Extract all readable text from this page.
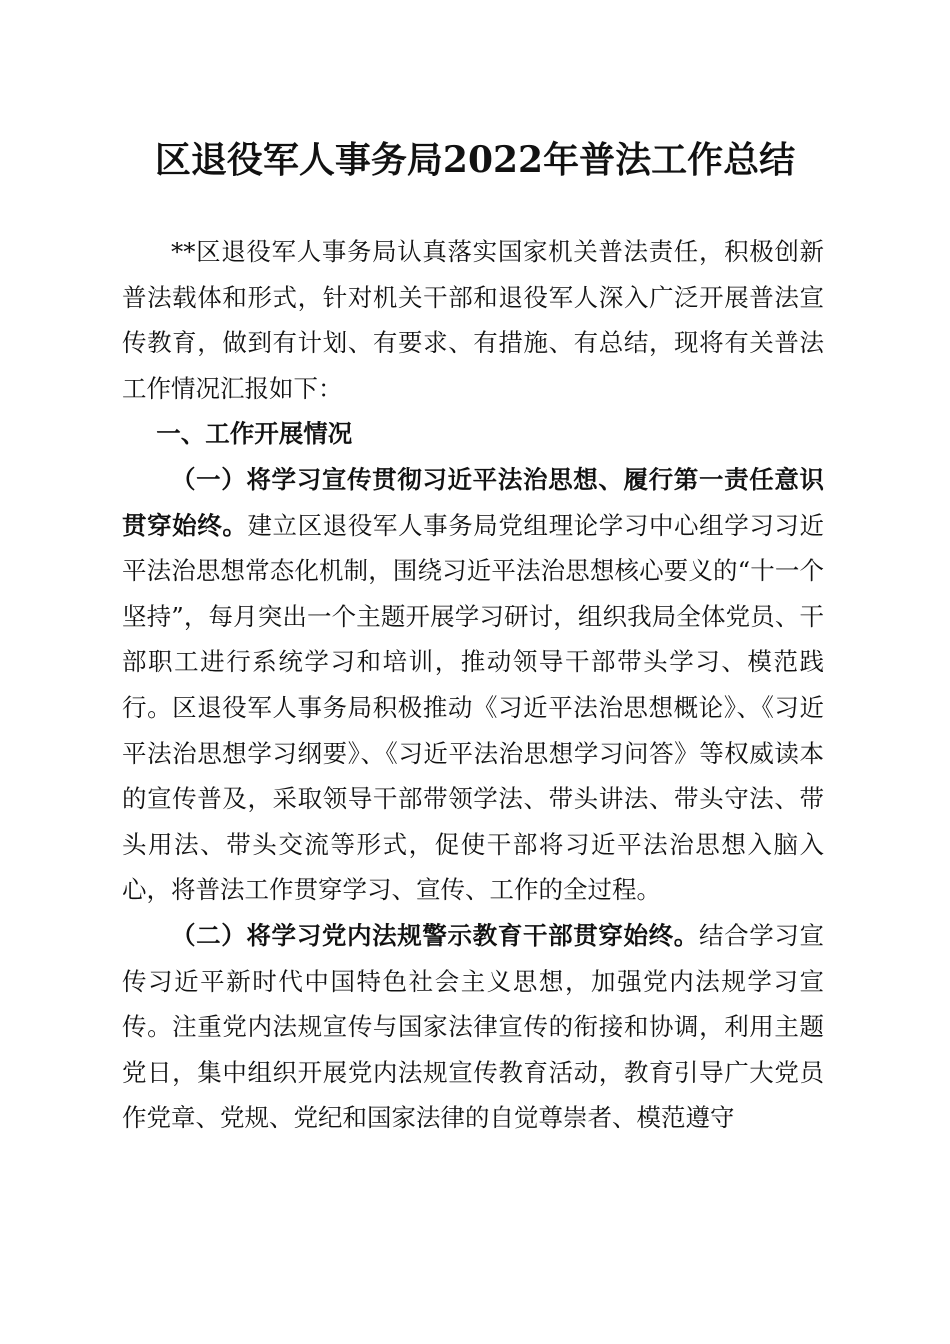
区退役军人事务局2022年普法工作总结

**区退役军人事务局认真落实国家机关普法责任，积极创新普法载体和形式，针对机关干部和退役军人深入广泛开展普法宣传教育，做到有计划、有要求、有措施、有总结，现将有关普法工作情况汇报如下：

一、工作开展情况

（一）将学习宣传贯彻习近平法治思想、履行第一责任意识贯穿始终。建立区退役军人事务局党组理论学习中心组学习习近平法治思想常态化机制，围绕习近平法治思想核心要义的“十一个坚持”，每月突出一个主题开展学习研讨，组织我局全体党员、干部职工进行系统学习和培训，推动领导干部带头学习、模范践行。区退役军人事务局积极推动《习近平法治思想概论》、《习近平法治思想学习纲要》、《习近平法治思想学习问答》等权威读本的宣传普及，采取领导干部带领学法、带头讲法、带头守法、带头用法、带头交流等形式，促使干部将习近平法治思想入脑入心，将普法工作贯穿学习、宣传、工作的全过程。

（二）将学习党内法规警示教育干部贯穿始终。结合学习宣传习近平新时代中国特色社会主义思想，加强党内法规学习宣传。注重党内法规宣传与国家法律宣传的衔接和协调，利用主题党日，集中组织开展党内法规宣传教育活动，教育引导广大党员作党章、党规、党纪和国家法律的自觉尊崇者、模范遵守
